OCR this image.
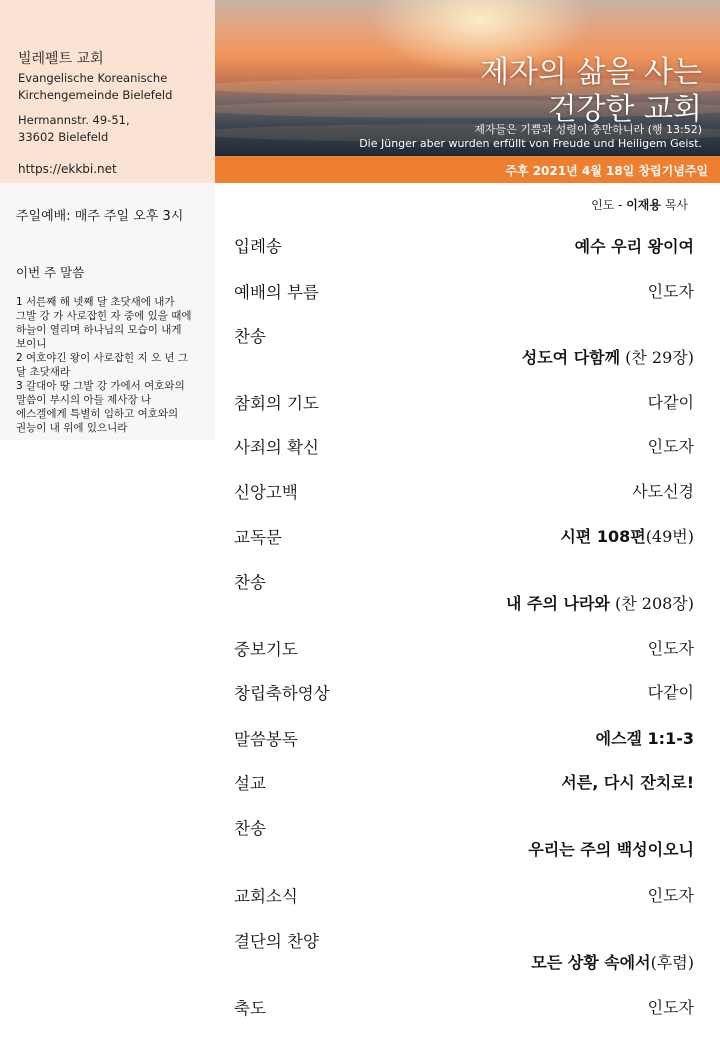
빌레펠트 교회
Evangelische Koreanische
Kirchengemeinde Bielefeld
Hermannstr. 49-51,
33602 Bielefeld
https://ekkbi.net
제자의 삶을 사는
건강한 교회
제자들은 기쁨과 성령이 충만하니라 (행 13:52)
Die Jünger aber wurden erfüllt von Freude und Heiligem Geist.
주후 2021년 4월 18일 창립기념주일
주일예배: 매주 주일 오후 3시
이번 주 말씀
1 서른째 해 넷째 달 초닷새에 내가
그발 강 가 사로잡힌 자 중에 있을 때에
하늘이 열리며 하나님의 모습이 내게
보이니
2 여호야긴 왕이 사로잡힌 지 오 년 그
달 초닷새라
3 갈대아 땅 그발 강 가에서 여호와의
말씀이 부시의 아들 제사장 나
에스겔에게 특별히 임하고 여호와의
권능이 내 위에 있으니라
인도 - 이재용 목사
입례송	예수 우리 왕이여
예배의 부름	인도자
찬송
성도여 다함께 (찬 29장)
참회의 기도	다같이
사죄의 확신	인도자
신앙고백	사도신경
교독문	시편 108편(49번)
찬송
내 주의 나라와 (찬 208장)
중보기도	인도자
창립축하영상	다같이
말씀봉독	에스겔 1:1-3
설교	서른, 다시 잔치로!
찬송
우리는 주의 백성이오니
교회소식	인도자
결단의 찬양
모든 상황 속에서(후렴)
축도	인도자
